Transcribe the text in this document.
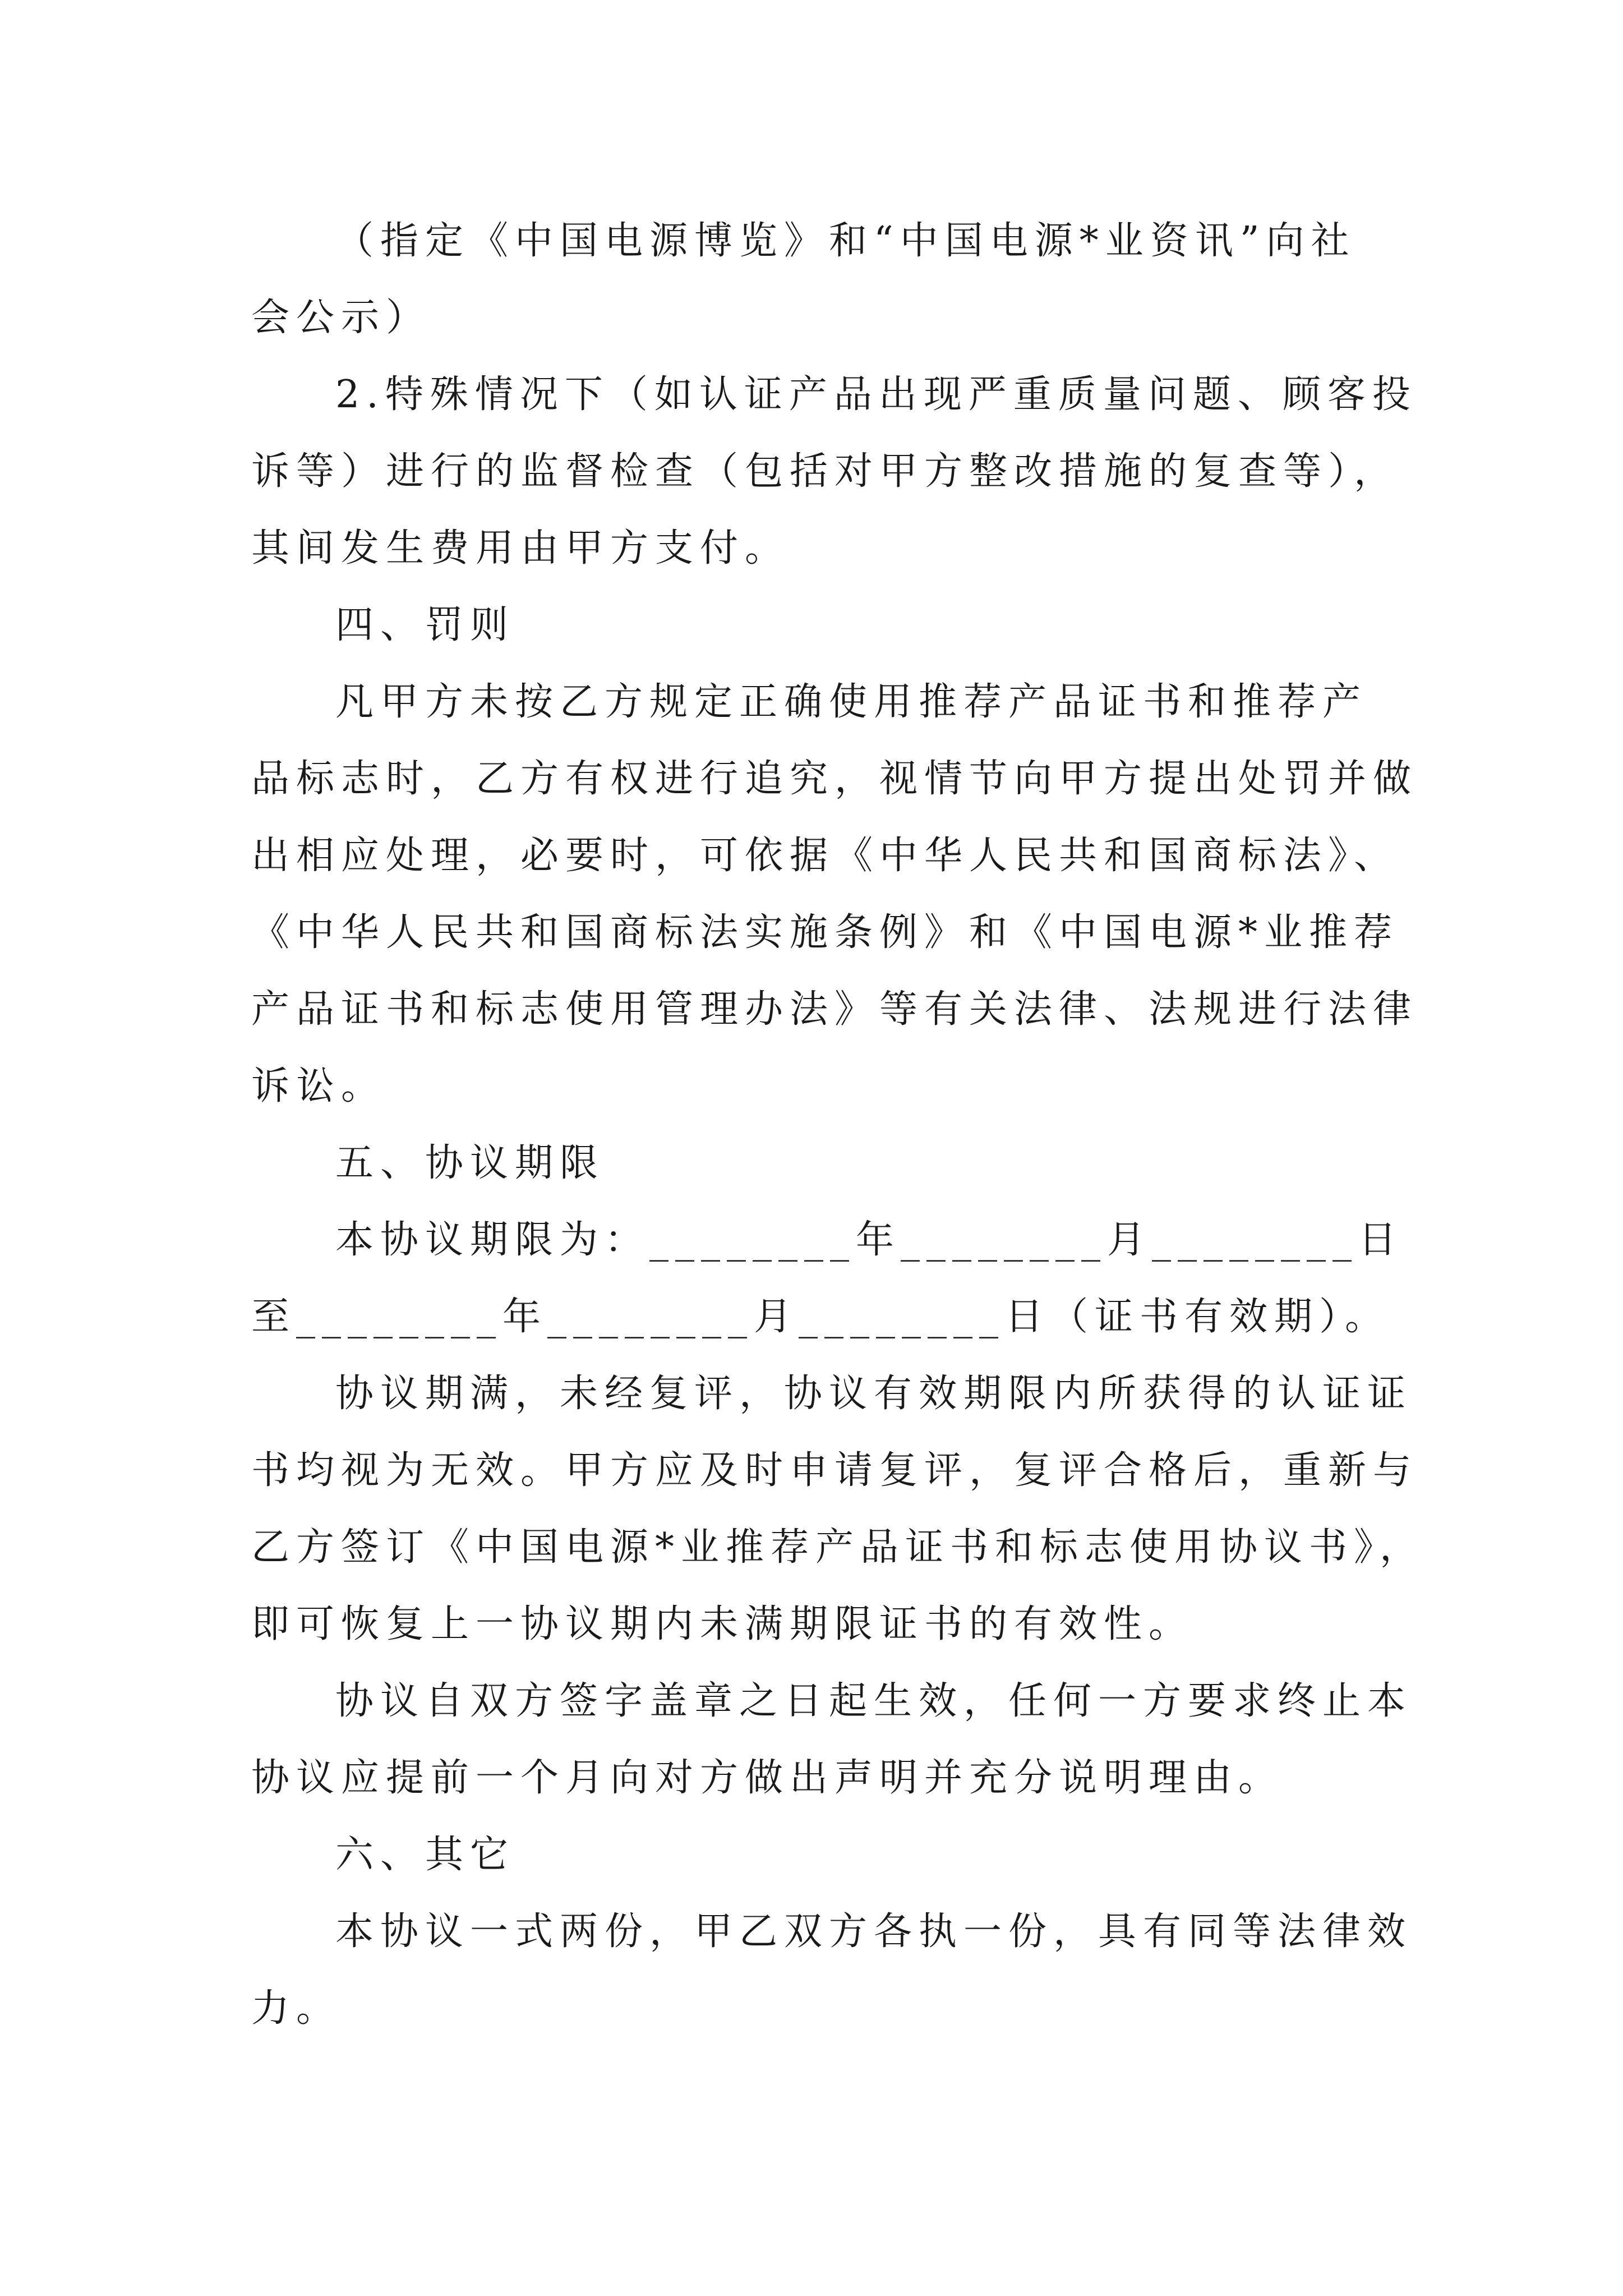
（指定《中国电源博览》和“中国电源*业资讯”向社
会公示）
2.特殊情况下（如认证产品出现严重质量问题、顾客投
诉等）进行的监督检查（包括对甲方整改措施的复查等），
其间发生费用由甲方支付。
四、罚则
凡甲方未按乙方规定正确使用推荐产品证书和推荐产
品标志时，乙方有权进行追究，视情节向甲方提出处罚并做
出相应处理，必要时，可依据《中华人民共和国商标法》、
《中华人民共和国商标法实施条例》和《中国电源*业推荐
产品证书和标志使用管理办法》等有关法律、法规进行法律
诉讼。
五、协议期限
本协议期限为：________年________月________日
至________年________月________日（证书有效期）。
协议期满，未经复评，协议有效期限内所获得的认证证
书均视为无效。甲方应及时申请复评，复评合格后，重新与
乙方签订《中国电源*业推荐产品证书和标志使用协议书》，
即可恢复上一协议期内未满期限证书的有效性。
协议自双方签字盖章之日起生效，任何一方要求终止本
协议应提前一个月向对方做出声明并充分说明理由。
六、其它
本协议一式两份，甲乙双方各执一份，具有同等法律效
力。
